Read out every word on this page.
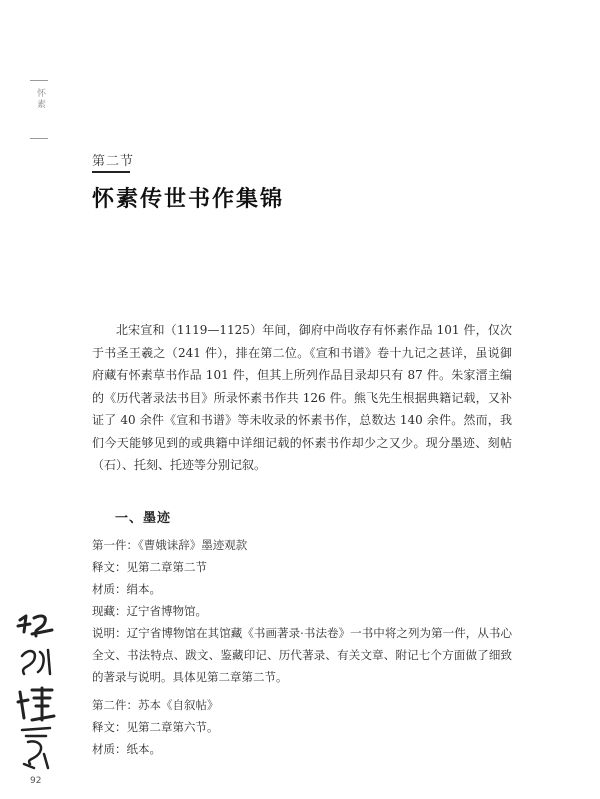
怀素
第二节
怀素传世书作集锦

北宋宣和（1119—1125）年间，御府中尚收存有怀素作品 101 件，仅次于书圣王羲之（241 件），排在第二位。《宣和书谱》卷十九记之甚详，虽说御府藏有怀素草书作品 101 件，但其上所列作品目录却只有 87 件。朱家溍主编的《历代著录法书目》所录怀素书作共 126 件。熊飞先生根据典籍记载，又补证了 40 余件《宣和书谱》等未收录的怀素书作，总数达 140 余件。然而，我们今天能够见到的或典籍中详细记载的怀素书作却少之又少。现分墨迹、刻帖（石）、托刻、托迹等分别记叙。

一、墨迹
第一件：《曹娥诔辞》墨迹观款

释文：见第二章第二节

材质：绢本。

现藏：辽宁省博物馆。

说明：辽宁省博物馆在其馆藏《书画著录·书法卷》一书中将之列为第一件，从书心全文、书法特点、跋文、鉴藏印记、历代著录、有关文章、附记七个方面做了细致的著录与说明。具体见第二章第二节。

第二件：苏本《自叙帖》

释文：见第二章第六节。

材质：纸本。

92
